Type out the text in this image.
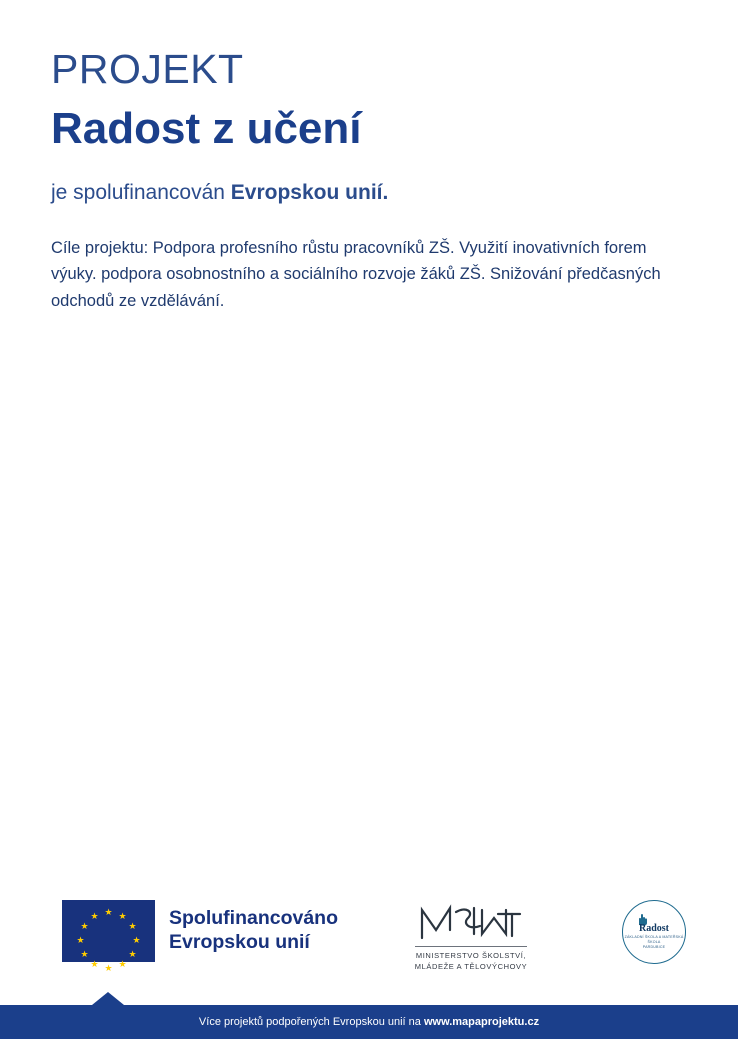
PROJEKT
Radost z učení
je spolufinancován Evropskou unií.

Cíle projektu: Podpora profesního růstu pracovníků ZŠ. Využití inovativních forem výuky. podpora osobnostního a sociálního rozvoje žáků ZŠ. Snižování předčasných odchodů ze vzdělávání.

★ ★
★
★
★
★
★
★
★
★
★
★	Spolufinancováno
Evropskou unií
MINISTERSTVO ŠKOLSTVÍ,
MLÁDEŽE A TĚLOVÝCHOVY
Radost
ZÁKLADNÍ ŠKOLA A MATEŘSKÁ ŠKOLA
PARDUBICE
Více projektů podpořených Evropskou unií na www.mapaprojektu.cz
